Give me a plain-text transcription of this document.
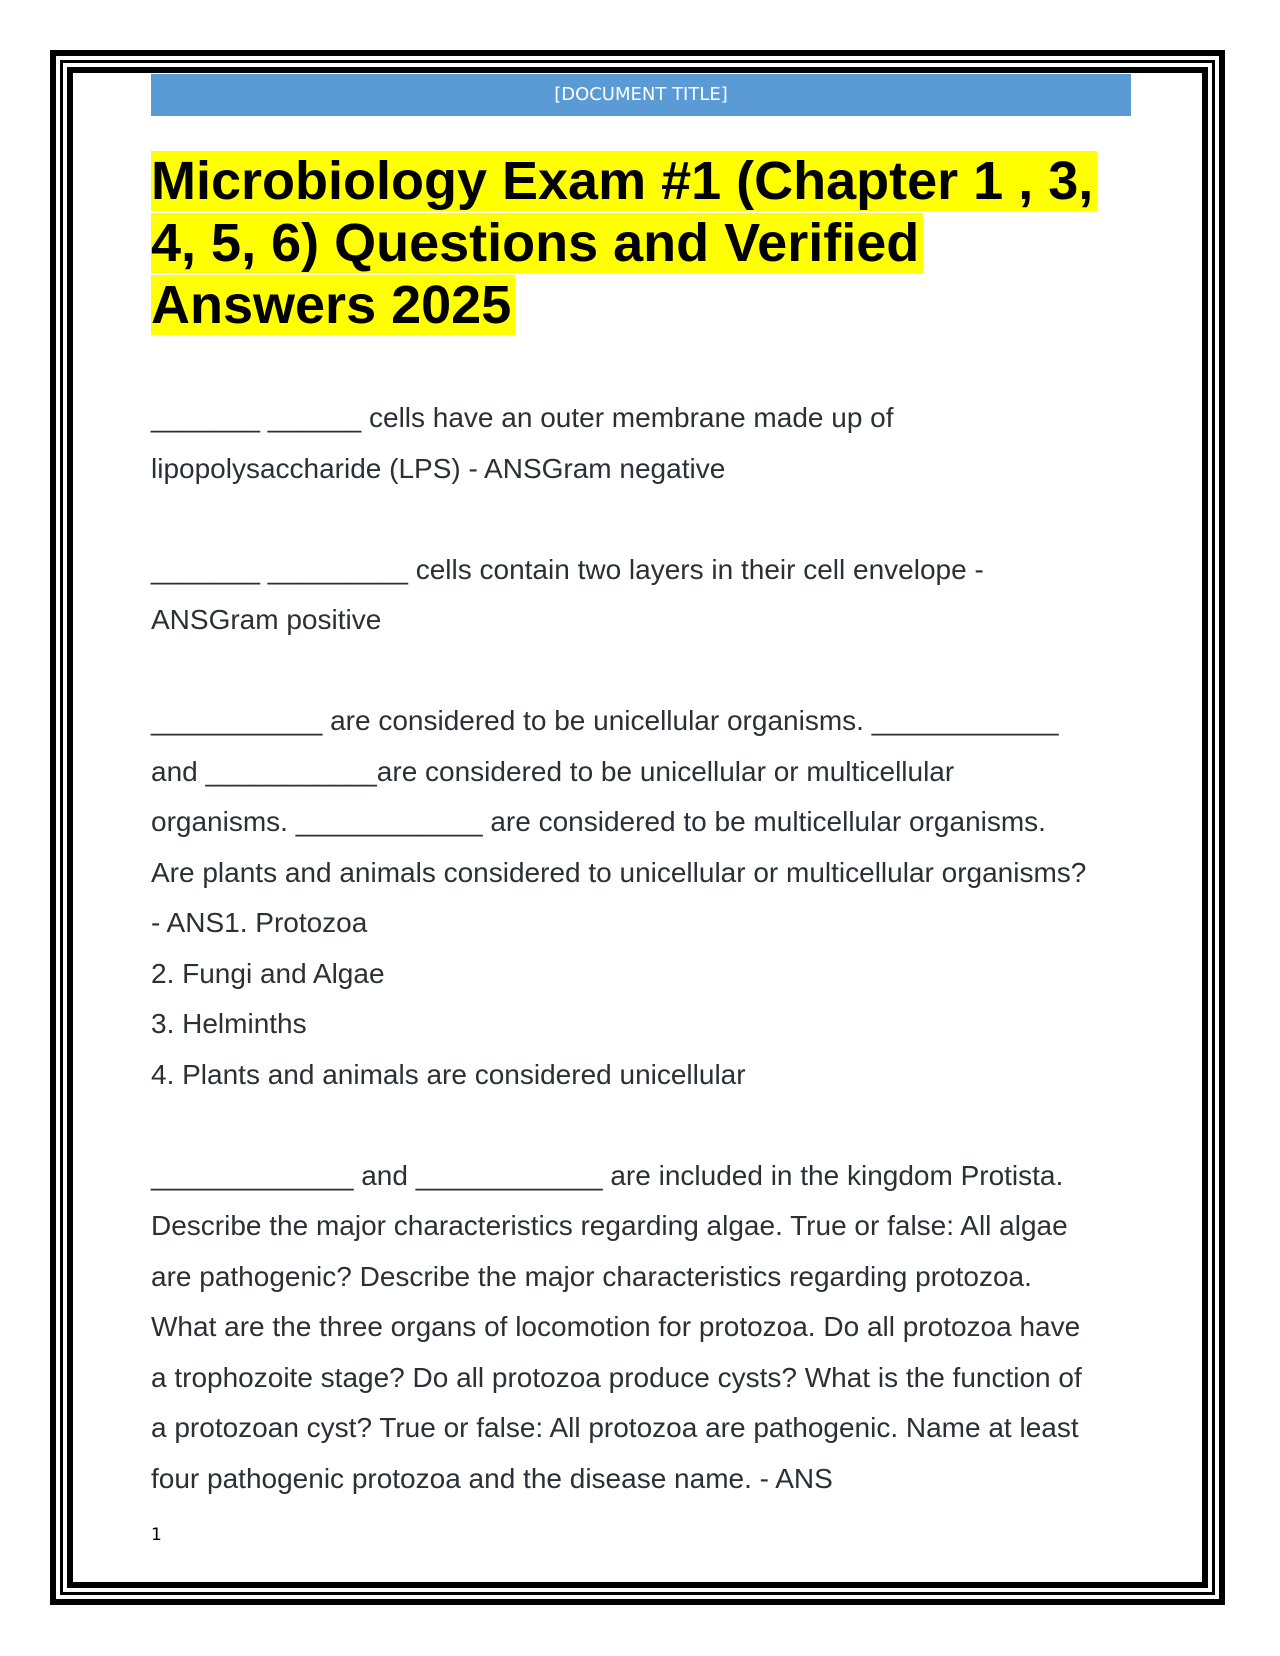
[DOCUMENT TITLE]
Microbiology Exam #1 (Chapter 1 , 3,
4, 5, 6) Questions and Verified
Answers 2025

_______ ______ cells have an outer membrane made up of

lipopolysaccharide (LPS) - ANSGram negative

_______ _________ cells contain two layers in their cell envelope -

ANSGram positive

___________ are considered to be unicellular organisms. ____________

and ___________are considered to be unicellular or multicellular

organisms. ____________ are considered to be multicellular organisms.

Are plants and animals considered to unicellular or multicellular organisms?

- ANS1. Protozoa

2. Fungi and Algae

3. Helminths

4. Plants and animals are considered unicellular

_____________ and ____________ are included in the kingdom Protista.

Describe the major characteristics regarding algae. True or false: All algae

are pathogenic? Describe the major characteristics regarding protozoa.

What are the three organs of locomotion for protozoa. Do all protozoa have

a trophozoite stage? Do all protozoa produce cysts? What is the function of

a protozoan cyst? True or false: All protozoa are pathogenic. Name at least

four pathogenic protozoa and the disease name. - ANS

1
